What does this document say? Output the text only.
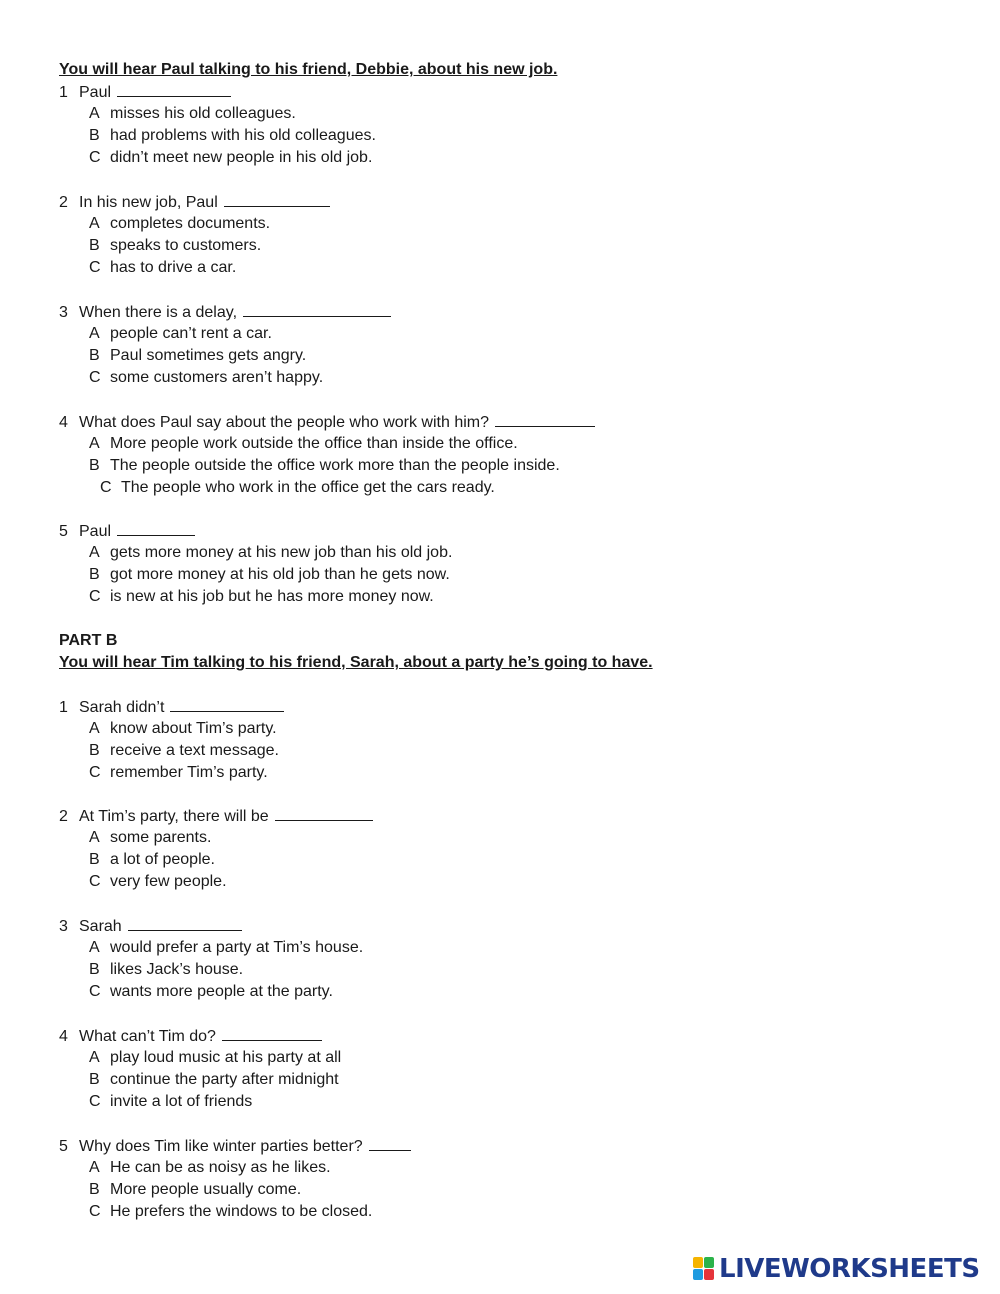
You will hear Paul talking to his friend, Debbie, about his new job.
1 Paul
A misses his old colleagues.
B had problems with his old colleagues.
C didn’t meet new people in his old job.
2 In his new job, Paul
A completes documents.
B speaks to customers.
C has to drive a car.
3 When there is a delay,
A people can’t rent a car.
B Paul sometimes gets angry.
C some customers aren’t happy.
4 What does Paul say about the people who work with him?
A More people work outside the office than inside the office.
B The people outside the office work more than the people inside.
C The people who work in the office get the cars ready.
5 Paul
A gets more money at his new job than his old job.
B got more money at his old job than he gets now.
C is new at his job but he has more money now.
PART B
You will hear Tim talking to his friend, Sarah, about a party he’s going to have.
1 Sarah didn’t
A know about Tim’s party.
B receive a text message.
C remember Tim’s party.
2 At Tim’s party, there will be
A some parents.
B a lot of people.
C very few people.
3 Sarah
A would prefer a party at Tim’s house.
B likes Jack’s house.
C wants more people at the party.
4 What can’t Tim do?
A play loud music at his party at all
B continue the party after midnight
C invite a lot of friends
5 Why does Tim like winter parties better?
A He can be as noisy as he likes.
B More people usually come.
C He prefers the windows to be closed.
LIVEWORKSHEETS
